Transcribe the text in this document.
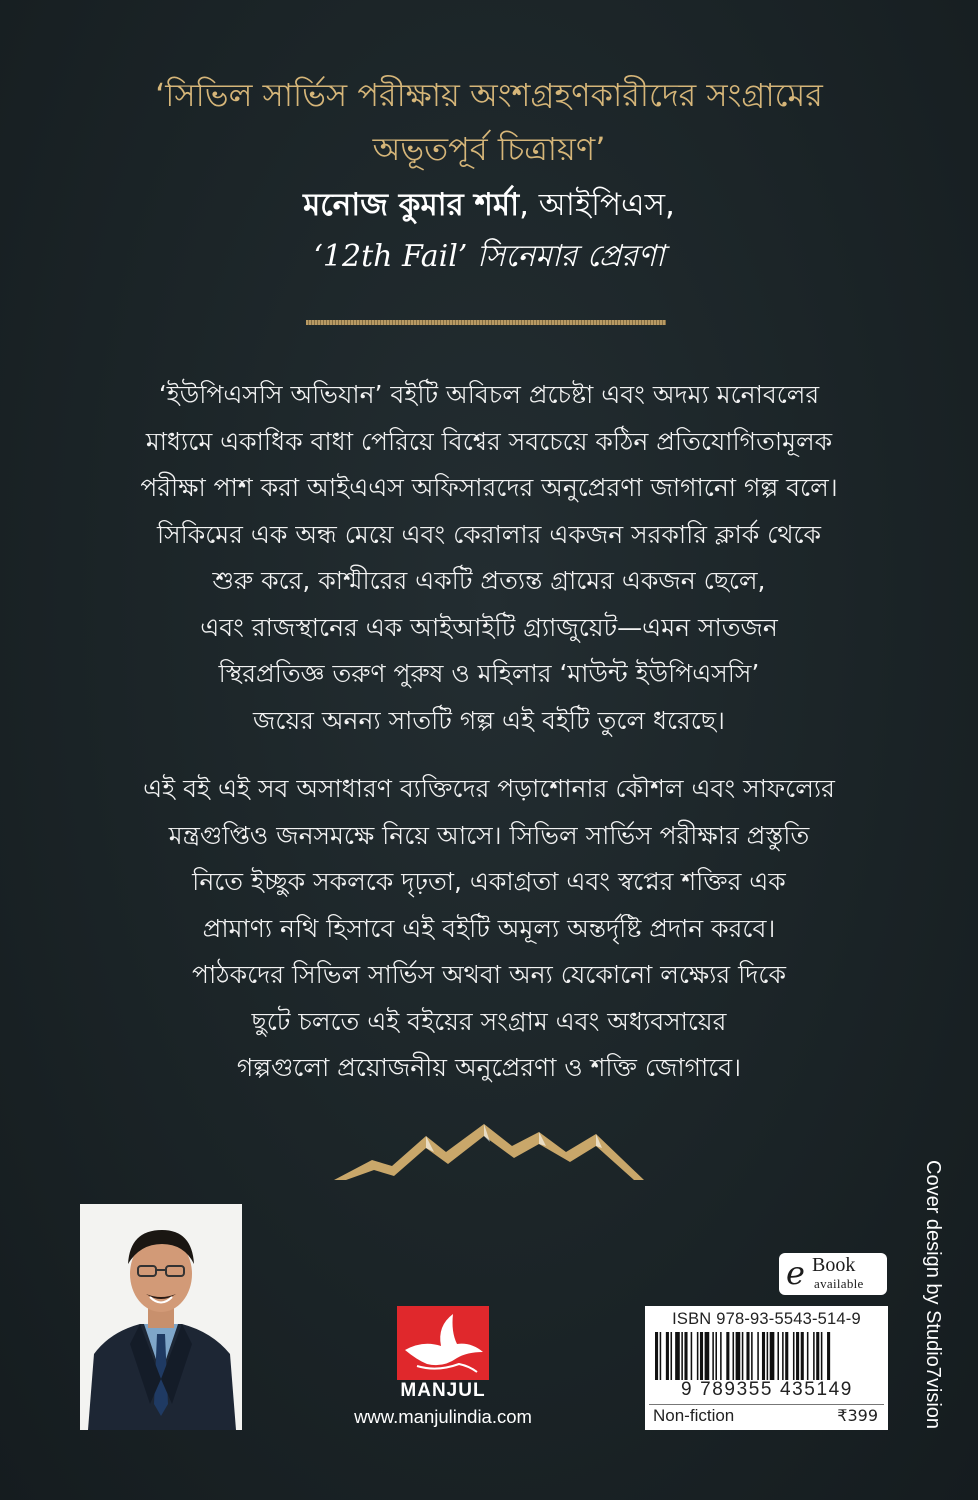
‘সিভিল সার্ভিস পরীক্ষায় অংশগ্রহণকারীদের সংগ্রামের
অভূতপূর্ব চিত্রায়ণ’
মনোজ কুমার শর্মা, আইপিএস,
‘12th Fail’ সিনেমার প্রেরণা
‘ইউপিএসসি অভিযান’ বইটি অবিচল প্রচেষ্টা এবং অদম্য মনোবলের
মাধ্যমে একাধিক বাধা পেরিয়ে বিশ্বের সবচেয়ে কঠিন প্রতিযোগিতামূলক
পরীক্ষা পাশ করা আইএএস অফিসারদের অনুপ্রেরণা জাগানো গল্প বলে।
সিকিমের এক অন্ধ মেয়ে এবং কেরালার একজন সরকারি ক্লার্ক থেকে
শুরু করে, কাশ্মীরের একটি প্রত্যন্ত গ্রামের একজন ছেলে,
এবং রাজস্থানের এক আইআইটি গ্র্যাজুয়েট—এমন সাতজন
স্থিরপ্রতিজ্ঞ তরুণ পুরুষ ও মহিলার ‘মাউন্ট ইউপিএসসি’
জয়ের অনন্য সাতটি গল্প এই বইটি তুলে ধরেছে।
এই বই এই সব অসাধারণ ব্যক্তিদের পড়াশোনার কৌশল এবং সাফল্যের
মন্ত্রগুপ্তিও জনসমক্ষে নিয়ে আসে। সিভিল সার্ভিস পরীক্ষার প্রস্তুতি
নিতে ইচ্ছুক সকলকে দৃঢ়তা, একাগ্রতা এবং স্বপ্নের শক্তির এক
প্রামাণ্য নথি হিসাবে এই বইটি অমূল্য অন্তর্দৃষ্টি প্রদান করবে।
পাঠকদের সিভিল সার্ভিস অথবা অন্য যেকোনো লক্ষ্যের দিকে
ছুটে চলতে এই বইয়ের সংগ্রাম এবং অধ্যবসায়ের
গল্পগুলো প্রয়োজনীয় অনুপ্রেরণা ও শক্তি জোগাবে।
MANJUL
www.manjulindia.com
e Book
available
ISBN 978-93-5543-514-9
9 789355 435149
Non-fiction	₹399 Cover design by Studio7vision
